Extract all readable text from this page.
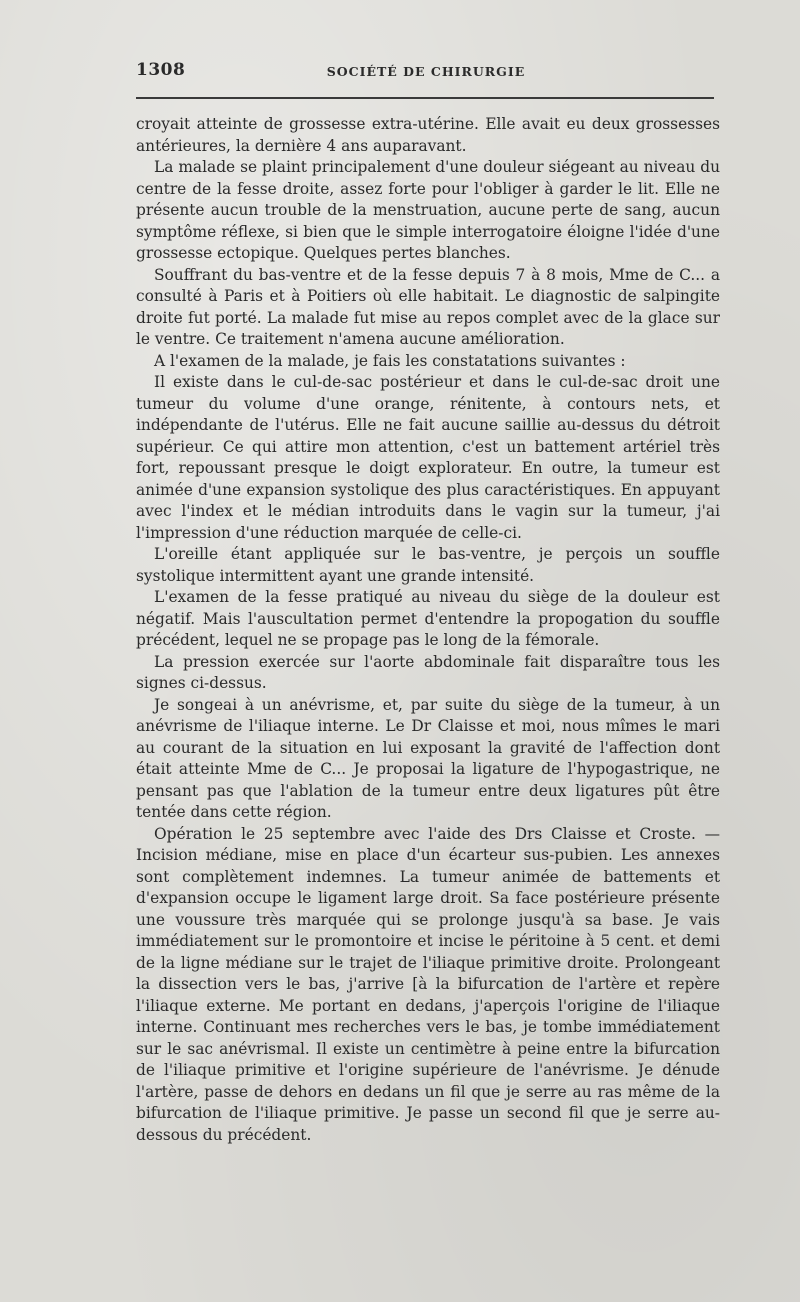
1308	SOCIÉTÉ DE CHIRURGIE

croyait atteinte de grossesse extra-utérine. Elle avait eu deux grossesses antérieures, la dernière 4 ans auparavant.

La malade se plaint principalement d'une douleur siégeant au niveau du centre de la fesse droite, assez forte pour l'obliger à garder le lit. Elle ne présente aucun trouble de la menstruation, aucune perte de sang, aucun symptôme réflexe, si bien que le simple interrogatoire éloigne l'idée d'une grossesse ectopique. Quelques pertes blanches.

Souffrant du bas-ventre et de la fesse depuis 7 à 8 mois, Mme de C... a consulté à Paris et à Poitiers où elle habitait. Le diagnostic de salpingite droite fut porté. La malade fut mise au repos complet avec de la glace sur le ventre. Ce traitement n'amena aucune amélioration.

A l'examen de la malade, je fais les constatations suivantes :

Il existe dans le cul-de-sac postérieur et dans le cul-de-sac droit une tumeur du volume d'une orange, rénitente, à contours nets, et indépendante de l'utérus. Elle ne fait aucune saillie au-dessus du détroit supérieur. Ce qui attire mon attention, c'est un battement artériel très fort, repoussant presque le doigt explorateur. En outre, la tumeur est animée d'une expansion systolique des plus caractéristiques. En appuyant avec l'index et le médian introduits dans le vagin sur la tumeur, j'ai l'impression d'une réduction marquée de celle-ci.

L'oreille étant appliquée sur le bas-ventre, je perçois un souffle systolique intermittent ayant une grande intensité.

L'examen de la fesse pratiqué au niveau du siège de la douleur est négatif. Mais l'auscultation permet d'entendre la propogation du souffle précédent, lequel ne se propage pas le long de la fémorale.

La pression exercée sur l'aorte abdominale fait disparaître tous les signes ci-dessus.

Je songeai à un anévrisme, et, par suite du siège de la tumeur, à un anévrisme de l'iliaque interne. Le Dr Claisse et moi, nous mîmes le mari au courant de la situation en lui exposant la gravité de l'affection dont était atteinte Mme de C... Je proposai la ligature de l'hypogastrique, ne pensant pas que l'ablation de la tumeur entre deux ligatures pût être tentée dans cette région.

Opération le 25 septembre avec l'aide des Drs Claisse et Croste. — Incision médiane, mise en place d'un écarteur sus-pubien. Les annexes sont complètement indemnes. La tumeur animée de battements et d'expansion occupe le ligament large droit. Sa face postérieure présente une voussure très marquée qui se prolonge jusqu'à sa base. Je vais immédiatement sur le promontoire et incise le péritoine à 5 cent. et demi de la ligne médiane sur le trajet de l'iliaque primitive droite. Prolongeant la dissection vers le bas, j'arrive [à la bifurcation de l'artère et repère l'iliaque externe. Me portant en dedans, j'aperçois l'origine de l'iliaque interne. Continuant mes recherches vers le bas, je tombe immédiatement sur le sac anévrismal. Il existe un centimètre à peine entre la bifurcation de l'iliaque primitive et l'origine supérieure de l'anévrisme. Je dénude l'artère, passe de dehors en dedans un fil que je serre au ras même de la bifurcation de l'iliaque primitive. Je passe un second fil que je serre au-dessous du précédent.
